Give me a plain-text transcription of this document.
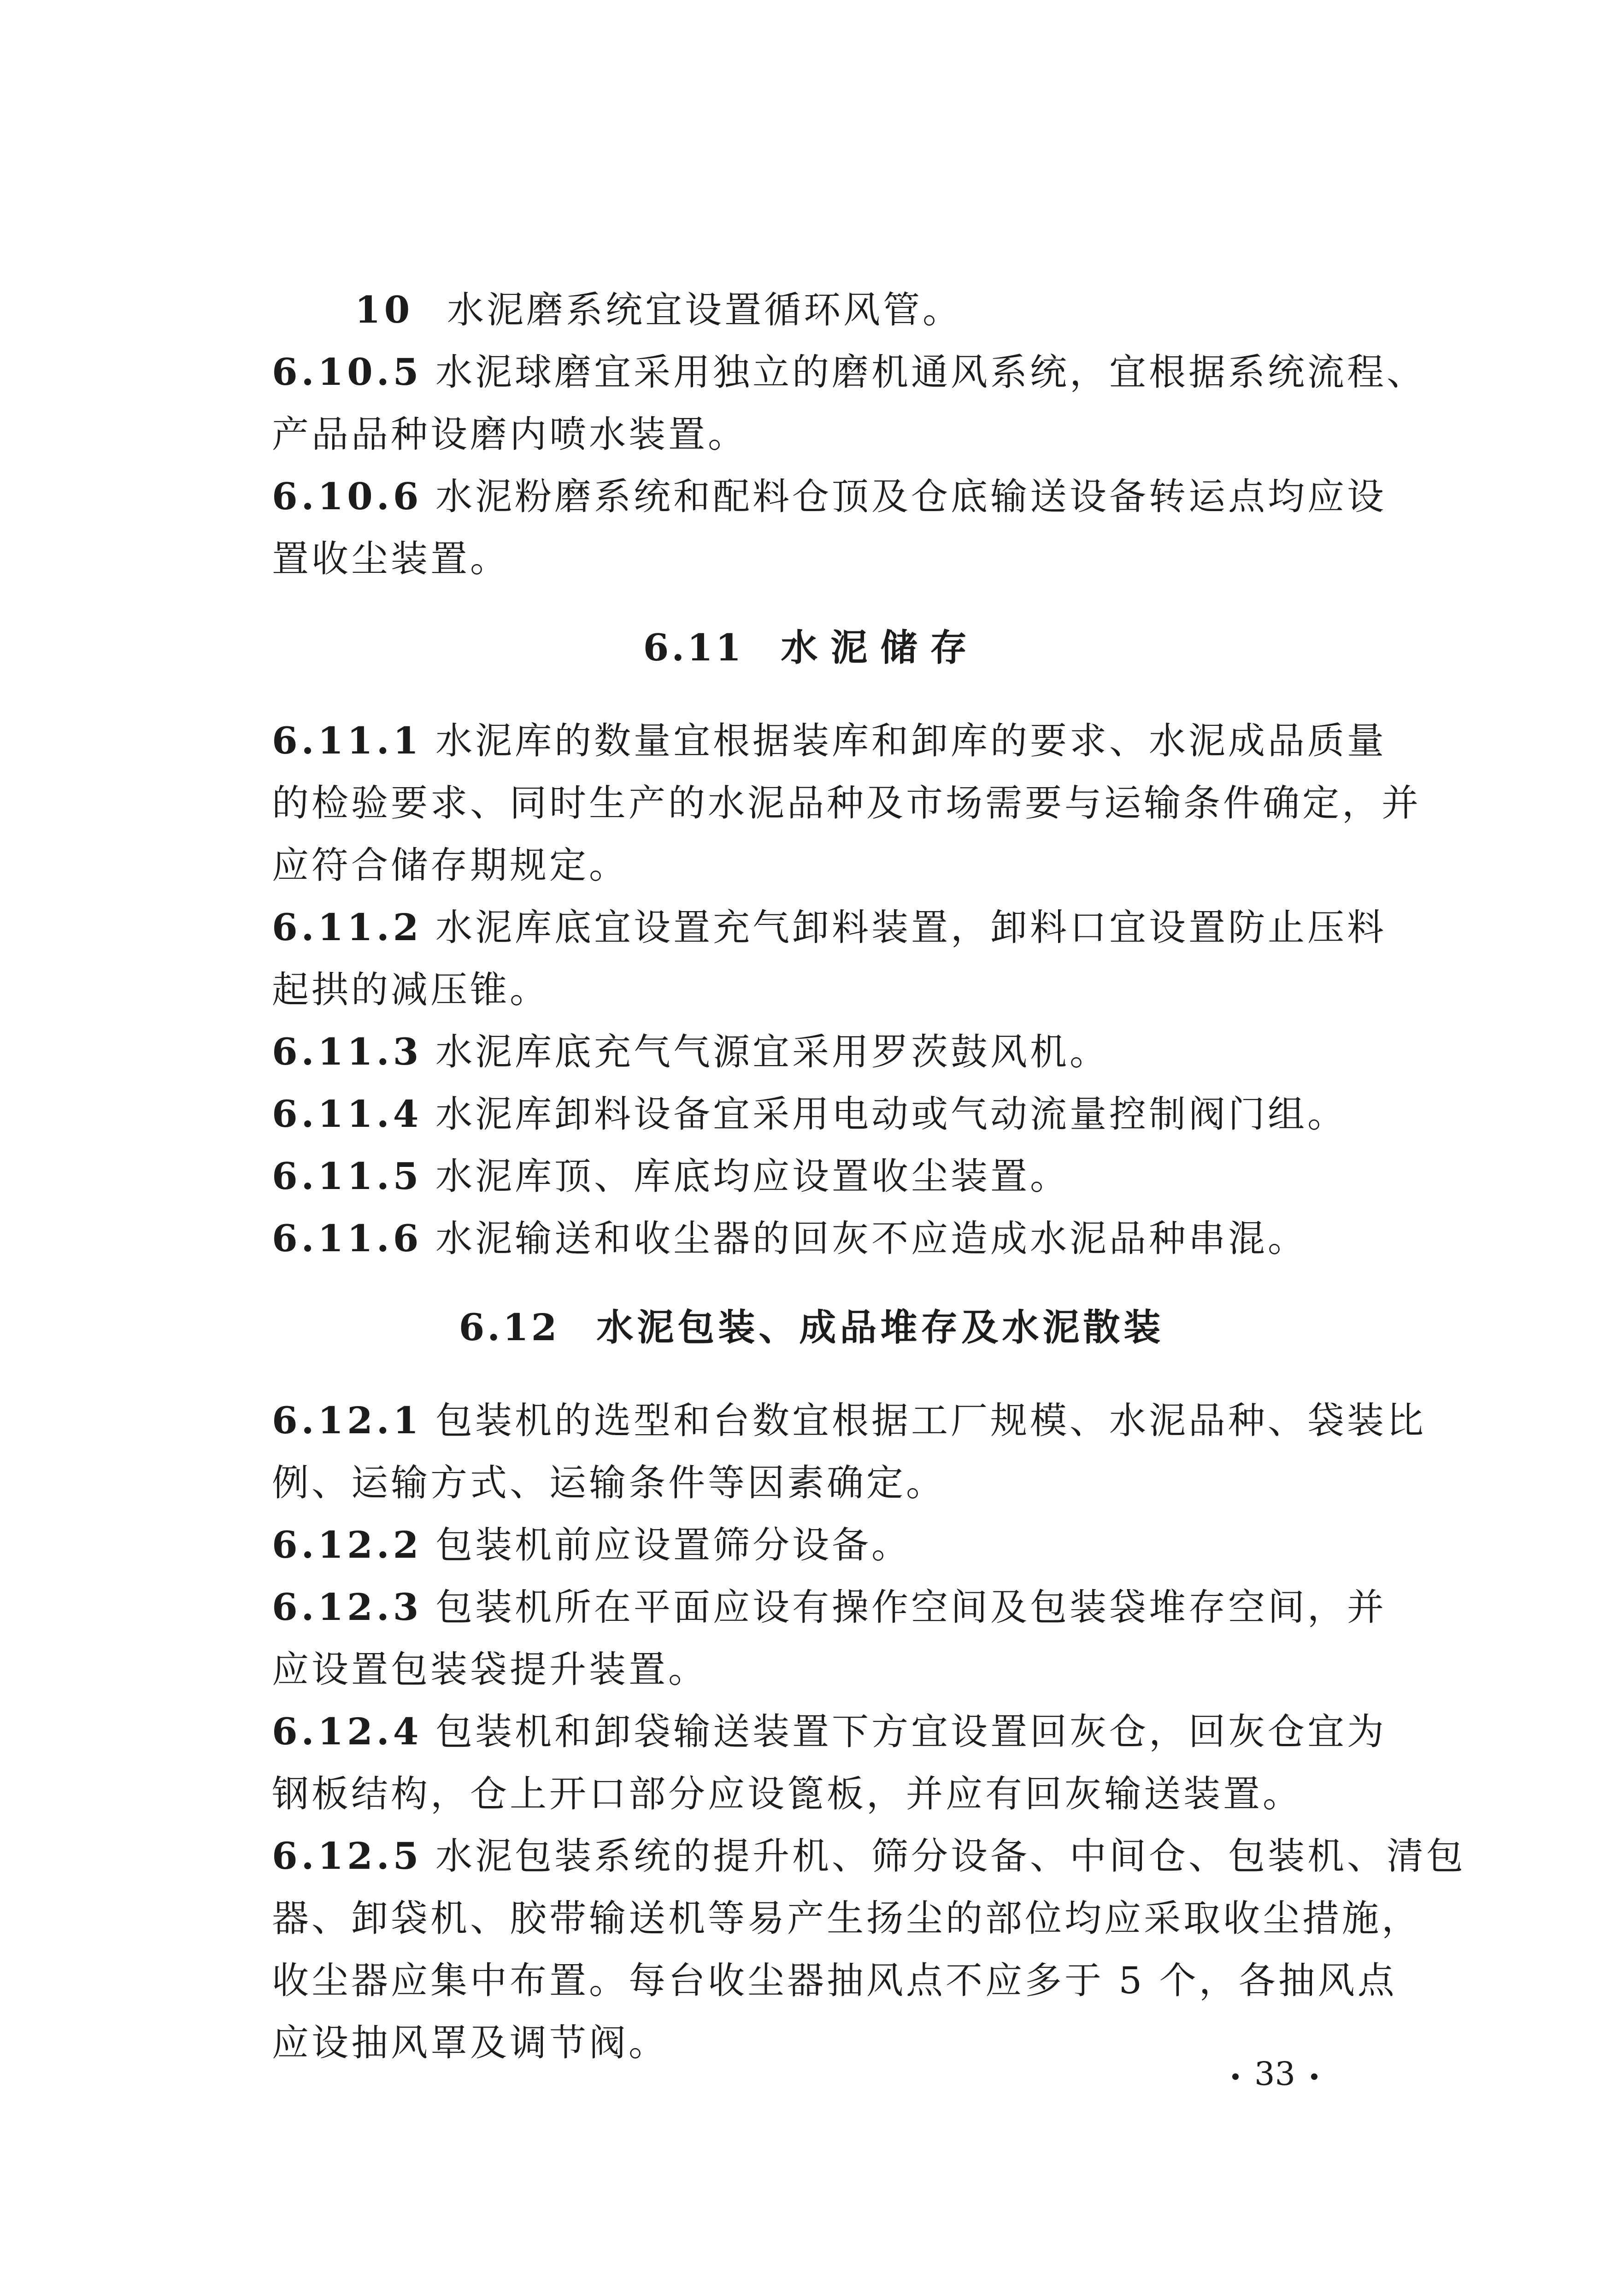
10 水泥磨系统宜设置循环风管。
6.10.5 水泥球磨宜采用独立的磨机通风系统，宜根据系统流程、
产品品种设磨内喷水装置。
6.10.6 水泥粉磨系统和配料仓顶及仓底输送设备转运点均应设
置收尘装置。
6.11 水泥储存
6.11.1 水泥库的数量宜根据装库和卸库的要求、水泥成品质量
的检验要求、同时生产的水泥品种及市场需要与运输条件确定，并
应符合储存期规定。
6.11.2 水泥库底宜设置充气卸料装置，卸料口宜设置防止压料
起拱的减压锥。
6.11.3 水泥库底充气气源宜采用罗茨鼓风机。
6.11.4 水泥库卸料设备宜采用电动或气动流量控制阀门组。
6.11.5 水泥库顶、库底均应设置收尘装置。
6.11.6 水泥输送和收尘器的回灰不应造成水泥品种串混。
6.12 水泥包装、成品堆存及水泥散装
6.12.1 包装机的选型和台数宜根据工厂规模、水泥品种、袋装比
例、运输方式、运输条件等因素确定。
6.12.2 包装机前应设置筛分设备。
6.12.3 包装机所在平面应设有操作空间及包装袋堆存空间，并
应设置包装袋提升装置。
6.12.4 包装机和卸袋输送装置下方宜设置回灰仓，回灰仓宜为
钢板结构，仓上开口部分应设篦板，并应有回灰输送装置。
6.12.5 水泥包装系统的提升机、筛分设备、中间仓、包装机、清包
器、卸袋机、胶带输送机等易产生扬尘的部位均应采取收尘措施，
收尘器应集中布置。每台收尘器抽风点不应多于 5 个，各抽风点
应设抽风罩及调节阀。
33
